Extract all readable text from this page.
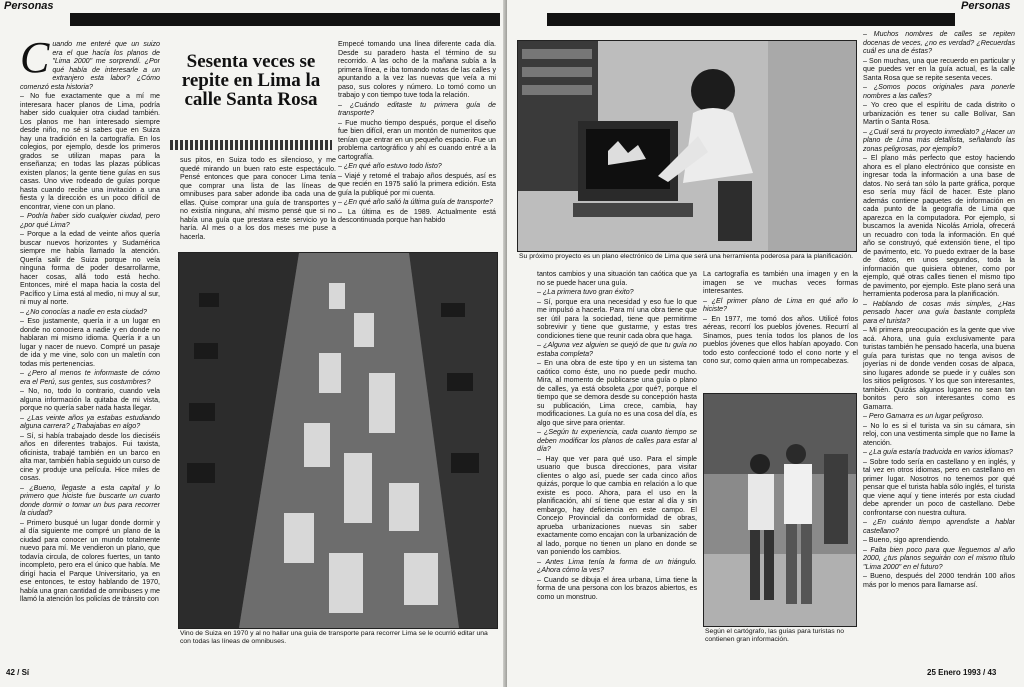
Personas

Cuando me enteré que un suizo era el que hacía los planos de "Lima 2000" me sorprendí. ¿Por qué había de interesarle a un extranjero esta labor? ¿Cómo comenzó esta historia?

– No fue exactamente que a mí me interesara hacer planos de Lima, podría haber sido cualquier otra ciudad también. Los planos me han interesado siempre desde niño, no sé si sabes que en Suiza hay una tradición en la cartografía. En los colegios, por ejemplo, desde los primeros grados se utilizan mapas para la enseñanza; en todas las plazas públicas existen planos; la gente tiene guías en sus casas. Uno vive rodeado de guías porque hasta cuando recibe una invitación a una fiesta y la dirección es un poco difícil de encontrar, viene con un plano.

– Podría haber sido cualquier ciudad, pero ¿por qué Lima?

– Porque a la edad de veinte años quería buscar nuevos horizontes y Sudamérica siempre me había llamado la atención. Quería salir de Suiza porque no veía ninguna forma de poder desarrollarme, hacer cosas, allá todo está hecho. Entonces, miré el mapa hacia la costa del Pacífico y Lima está al medio, ni muy al sur, ni muy al norte.

– ¿No conocías a nadie en esta ciudad?

– Eso justamente, quería ir a un lugar en donde no conociera a nadie y en donde no hablaran mi mismo idioma. Quería ir a un lugar y nacer de nuevo. Compré un pasaje de ida y me vine, solo con un maletín con todas mis pertenencias.

– ¿Pero al menos te informaste de cómo era el Perú, sus gentes, sus costumbres?

– No, no, todo lo contrario, cuando vela alguna información la quitaba de mi vista, porque no quería saber nada hasta llegar.

– ¿Las veinte años ya estabas estudiando alguna carrera? ¿Trabajabas en algo?

– Sí, si había trabajado desde los dieciséis años en diferentes trabajos. Fui taxista, oficinista, trabajé también en un barco en alta mar, también había seguido un curso de cine y produje una película. Hice miles de cosas.

– ¿Bueno, llegaste a esta capital y lo primero que hiciste fue buscarte un cuarto donde dormir o tomar un bus para recorrer la ciudad?

– Primero busqué un lugar donde dormir y al día siguiente me compré un plano de la ciudad para conocer un mundo totalmente nuevo para mí. Me vendieron un plano, que todavía circula, de colores fuertes, un tanto incompleto, pero era el único que había. Me dirigí hacia el Parque Universitario, ya en ese entonces, te estoy hablando de 1970, había una gran cantidad de omnibuses y me llamó la atención los policías de tránsito con

Sesenta veces se repite en Lima la calle Santa Rosa

sus pitos, en Suiza todo es silencioso, y me quedé mirando un buen rato este espectáculo. Pensé entonces que para conocer Lima tenía que comprar una lista de las líneas de omnibuses para saber adonde iba cada una de ellas. Quise comprar una guía de transportes y no existía ninguna, ahí mismo pensé que si no había una guía que prestara este servicio yo la haría. Al mes o a los dos meses me puse a hacerla.

Empecé tomando una línea diferente cada día. Desde su paradero hasta el término de su recorrido. A las ocho de la mañana subía a la primera línea, e iba tomando notas de las calles y apuntando a la vez las nuevas que veía a mi paso, sus colores y número. Lo tomó como un trabajo y con tiempo tuve toda la relación.

– ¿Cuándo editaste tu primera guía de transporte?

– Fue mucho tiempo después, porque el diseño fue bien difícil, eran un montón de numeritos que tenían que entrar en un pequeño espacio. Fue un problema cartográfico y ahí es cuando entré a la cartografía.

– ¿En qué año estuvo todo listo?

– Viajé y retomé el trabajo años después, así es que recién en 1975 salió la primera edición. Esta guía la publiqué por mi cuenta.

– ¿En qué año salió la última guía de transporte?

– La última es de 1989. Actualmente está descontinuada porque han habido

Vino de Suiza en 1970 y al no hallar una guía de transporte para recorrer Lima se le ocurrió editar una con todas las líneas de omnibuses.
42 / Sí
Personas
Su próximo proyecto es un plano electrónico de Lima que será una herramienta poderosa para la planificación.

tantos cambios y una situación tan caótica que ya no se puede hacer una guía.

– ¿La primera tuvo gran éxito?

– Sí, porque era una necesidad y eso fue lo que me impulsó a hacerla. Para mí una obra tiene que ser útil para la sociedad, tiene que permitirme sobrevivir y tiene que gustarme, y estas tres condiciones tiene que reunir cada obra que haga.

– ¿Alguna vez alguien se quejó de que tu guía no estaba completa?

– En una obra de este tipo y en un sistema tan caótico como éste, uno no puede pedir mucho. Mira, al momento de publicarse una guía o plano de calles, ya está obsoleta ¿por qué?, porque el tiempo que se demora desde su concepción hasta su publicación, Lima crece, cambia, hay modificaciones. La guía no es una cosa del día, es algo que sirve para orientar.

– ¿Según tu experiencia, cada cuanto tiempo se deben modificar los planos de calles para estar al día?

– Hay que ver para qué uso. Para el simple usuario que busca direcciones, para visitar clientes o algo así, puede ser cada cinco años quizás, porque lo que cambia en relación a lo que existe es poco. Ahora, para el uso en la planificación, ahí sí tiene que estar al día y sin embargo, hay deficiencia en este campo. El Concejo Provincial da conformidad de obras, aprueba urbanizaciones nuevas sin saber exactamente como encajan con la urbanización de al lado, porque no tienen un plano en donde se van poniendo los cambios.

– Antes Lima tenía la forma de un triángulo. ¿Ahora cómo la ves?

– Cuando se dibuja el área urbana, Lima tiene la forma de una persona con los brazos abiertos, es como un monstruo.

La cartografía es también una imagen y en la imagen se ve muchas veces formas interesantes.

– ¿El primer plano de Lima en qué año lo hiciste?

– En 1977, me tomó dos años. Utilicé fotos aéreas, recorrí los pueblos jóvenes. Recurrí al Sinamos, pues tenía todos los planos de los pueblos jóvenes que ellos habían apoyado. Con todo esto confeccioné todo el cono norte y el cono sur, como quien arma un rompecabezas.

Según el cartógrafo, las guías para turistas no contienen gran información.

– Muchos nombres de calles se repiten docenas de veces, ¿no es verdad? ¿Recuerdas cuál es una de éstas?

– Son muchas, una que recuerdo en particular y que puedes ver en la guía actual, es la calle Santa Rosa que se repite sesenta veces.

– ¿Somos pocos originales para ponerle nombres a las calles?

– Yo creo que el espíritu de cada distrito o urbanización es tener su calle Bolívar, San Martín o Santa Rosa.

– ¿Cuál será tu proyecto inmediato? ¿Hacer un plano de Lima más detallista, señalando las zonas peligrosas, por ejemplo?

– El plano más perfecto que estoy haciendo ahora es el plano electrónico que consiste en ingresar toda la información a una base de datos. No será tan sólo la parte gráfica, porque eso sería muy fácil de hacer. Este plano además contiene paquetes de información en cada punto de la geografía de Lima que aparezca en la computadora. Por ejemplo, si buscamos la avenida Nicolás Arriola, ofrecerá un recuadro con toda la información. En qué año se construyó, qué extensión tiene, el tipo de pavimento, etc. Yo puedo extraer de la base de datos, en unos segundos, toda la información que quisiera obtener, como por ejemplo, qué otras calles tienen el mismo tipo de pavimento, por ejemplo. Este plano será una herramienta poderosa para la planificación.

– Hablando de cosas más simples, ¿Has pensado hacer una guía bastante completa para el turista?

– Mi primera preocupación es la gente que vive acá. Ahora, una guía exclusivamente para turistas también he pensado hacerla, una buena guía para turistas que no tenga avisos de joyerías ni de donde venden cosas de alpaca, sino lugares adonde se puede ir y cuáles son los sitios peligrosos. Y los que son interesantes, también. Quizás algunos lugares no sean tan bonitos pero son interesantes como es Gamarra.

– Pero Gamarra es un lugar peligroso.

– No lo es si el turista va sin su cámara, sin reloj, con una vestimenta simple que no llame la atención.

– ¿La guía estaría traducida en varios idiomas?

– Sobre todo sería en castellano y en inglés, y tal vez en otros idiomas, pero en castellano en primer lugar. Nosotros no tenemos por qué pensar que el turista habla sólo inglés, el turista que viene aquí y tiene interés por esta ciudad debe aprender un poco de castellano. Debe confrontarse con nuestra cultura.

– ¿En cuánto tiempo aprendiste a hablar castellano?

– Bueno, sigo aprendiendo.

– Falta bien poco para que lleguemos al año 2000, ¿tus planos seguirán con el mismo título "Lima 2000" en el futuro?

– Bueno, después del 2000 tendrán 100 años más por lo menos para llamarse así.

25 Enero 1993 / 43
